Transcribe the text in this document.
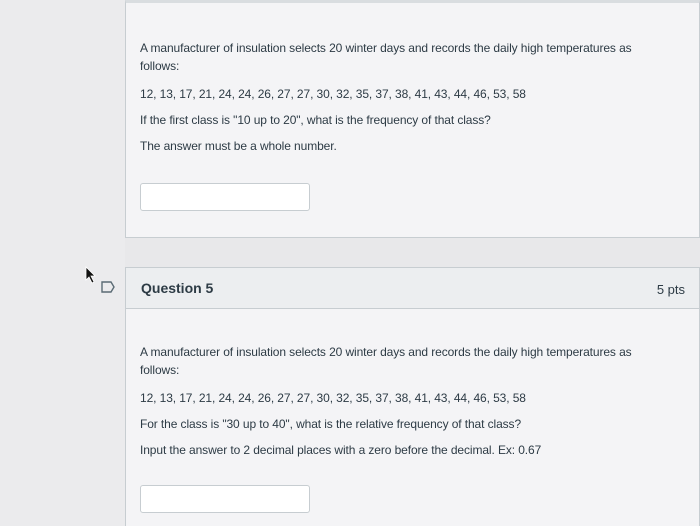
A manufacturer of insulation selects 20 winter days and records the daily high temperatures as follows:

12, 13, 17, 21, 24, 24, 26, 27, 27, 30, 32, 35, 37, 38, 41, 43, 44, 46, 53, 58

If the first class is "10 up to 20", what is the frequency of that class?

The answer must be a whole number.

Question 5	5 pts

A manufacturer of insulation selects 20 winter days and records the daily high temperatures as follows:

12, 13, 17, 21, 24, 24, 26, 27, 27, 30, 32, 35, 37, 38, 41, 43, 44, 46, 53, 58

For the class is "30 up to 40", what is the relative frequency of that class?

Input the answer to 2 decimal places with a zero before the decimal. Ex: 0.67
